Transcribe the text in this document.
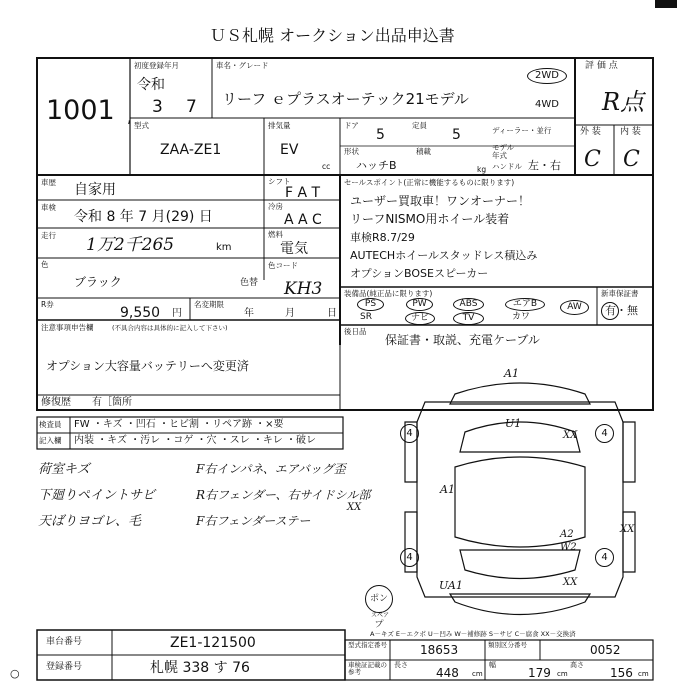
ＵＳ札幌 オークション出品申込書
1001 ,
初度登録年月
令和
3 7
車名・グレード
リーフ ｅプラスオーテック21モデル
2WD
4WD
評 価 点
R点
外 装 内 装
C C
型式
ZAA-ZE1
排気量
EV
cc
ドア
5
定員
5	ディーラー・並行
モデル年式
形状
ハッチB
積載
kg ハンドル 左・右
車歴 自家用
シフト
F A T
車検
令和 8 年 7 月(29) 日
冷房
A A C
走行 1万2千265	km
燃料
電気
色
ブラック	色替
色コード
KH3
R券
9,550 円
名変期限
年	月	日
注意事項申告欄	(不具合内容は具体的に記入して下さい)
オプション大容量バッテリーへ変更済
修復歴 有［箇所
セールスポイント(正常に機能するものに限ります)
ユーザー買取車！ワンオーナー！
リーフNISMO用ホイール装着
車検R8.7/29
AUTECHホイールスタッドレス積込み
オプションBOSEスピーカー
装備品(純正品に限ります)
PS	PW	ABS	エアB	AW
SR	ナビ	TV	カワ
新車保証書
有・無
後日品
保証書・取説、充電ケーブル
検査員 FW ・キズ ・凹石 ・ヒビ割 ・リペア跡 ・×要
記入欄 内装 ・キズ ・汚レ ・コゲ ・穴 ・スレ ・キレ ・破レ
荷室キズ
下廻りペイントサビ
天ばりヨゴレ、毛
F右インパネ、エアバッグ歪
R右フェンダー、右サイドシル部
F右フェンダーステー
A1
U1
XX
A1
XX
A2
W2
XX
UA1
XX
4	4
4	4
ポンプ
スペア
A－キズ E－エクボ U－凹み W－補修跡 S－サビ C－腐食 XX－交換済
車台番号	ZE1-121500
登録番号	札幌 338 す 76
○
型式指定番号	18653	類別区分番号	0052
車検証記載の参考
長さ
448 cm
幅
179 cm
高さ
156 cm
